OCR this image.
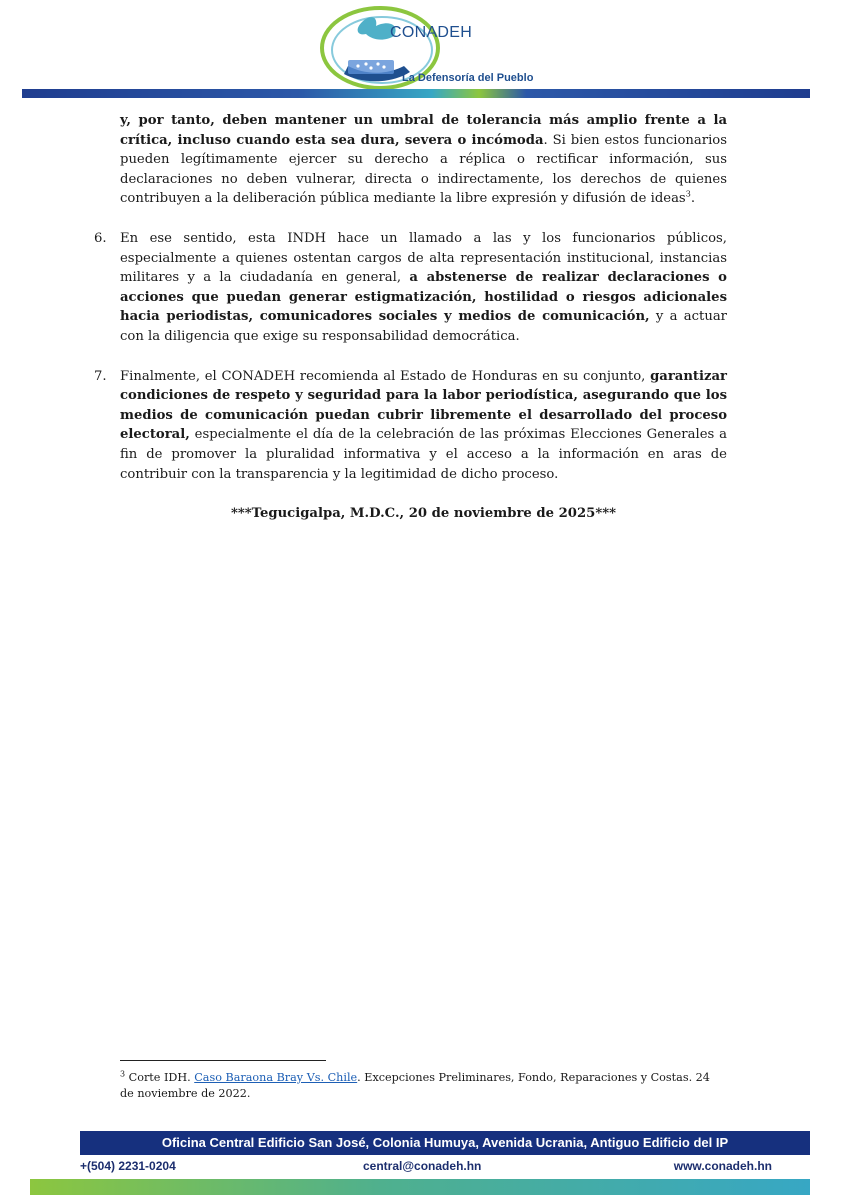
CONADEH
La Defensoría del Pueblo

y, por tanto, deben mantener un umbral de tolerancia más amplio frente a la crítica, incluso cuando esta sea dura, severa o incómoda. Si bien estos funcionarios pueden legítimamente ejercer su derecho a réplica o rectificar información, sus declaraciones no deben vulnerar, directa o indirectamente, los derechos de quienes contribuyen a la deliberación pública mediante la libre expresión y difusión de ideas$^3$.

6. En ese sentido, esta INDH hace un llamado a las y los funcionarios públicos, especialmente a quienes ostentan cargos de alta representación institucional, instancias militares y a la ciudadanía en general, a abstenerse de realizar declaraciones o acciones que puedan generar estigmatización, hostilidad o riesgos adicionales hacia periodistas, comunicadores sociales y medios de comunicación, y a actuar con la diligencia que exige su responsabilidad democrática.

7. Finalmente, el CONADEH recomienda al Estado de Honduras en su conjunto, garantizar condiciones de respeto y seguridad para la labor periodística, asegurando que los medios de comunicación puedan cubrir libremente el desarrollado del proceso electoral, especialmente el día de la celebración de las próximas Elecciones Generales a fin de promover la pluralidad informativa y el acceso a la información en aras de contribuir con la transparencia y la legitimidad de dicho proceso.

***Tegucigalpa, M.D.C., 20 de noviembre de 2025***

$^3$ Corte IDH. Caso Baraona Bray Vs. Chile. Excepciones Preliminares, Fondo, Reparaciones y Costas. 24 de noviembre de 2022.
Oficina Central Edificio San José, Colonia Humuya, Avenida Ucrania, Antiguo Edificio del IP
+(504) 2231-0204	central@conadeh.hn	www.conadeh.hn
